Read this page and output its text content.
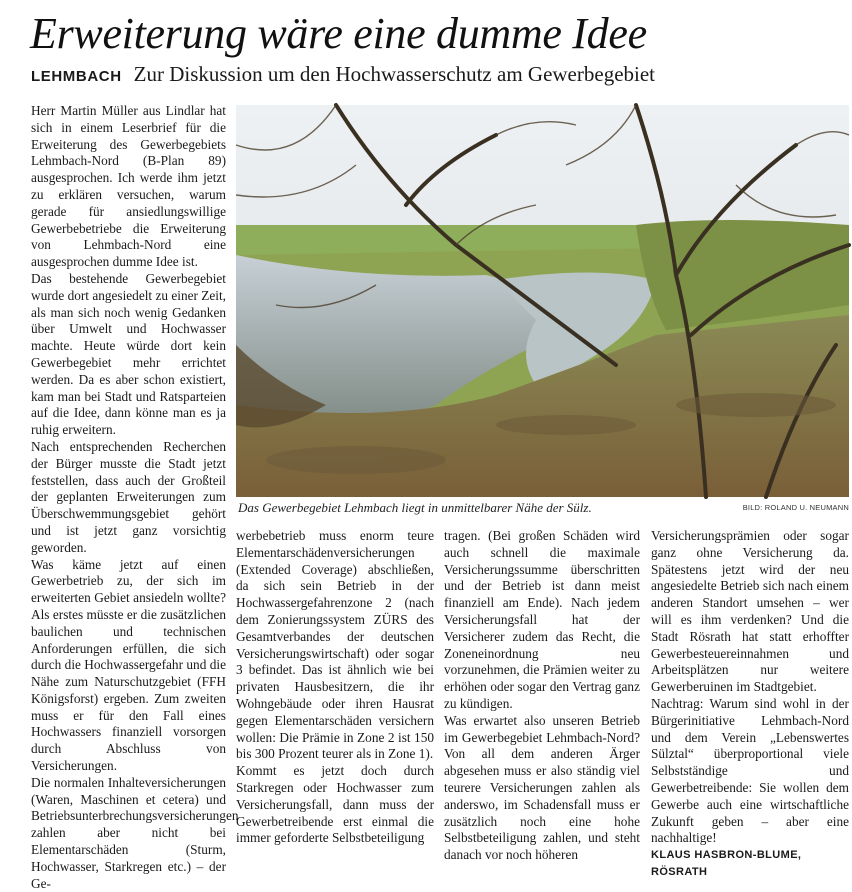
Erweiterung wäre eine dumme Idee
LEHMBACH Zur Diskussion um den Hochwasserschutz am Gewerbegebiet

Herr Martin Müller aus Lindlar hat sich in einem Leserbrief für die Erweiterung des Gewerbegebiets Lehmbach-Nord (B-Plan 89) ausgesprochen. Ich werde ihm jetzt zu erklären versuchen, warum gerade für ansiedlungswillige Gewerbebetriebe die Erweiterung von Lehmbach-Nord eine ausgesprochen dumme Idee ist.

Das bestehende Gewerbegebiet wurde dort angesiedelt zu einer Zeit, als man sich noch wenig Gedanken über Umwelt und Hochwasser machte. Heute würde dort kein Gewerbegebiet mehr errichtet werden. Da es aber schon existiert, kam man bei Stadt und Ratsparteien auf die Idee, dann könne man es ja ruhig erweitern.

Nach entsprechenden Recherchen der Bürger musste die Stadt jetzt feststellen, dass auch der Großteil der geplanten Erweiterungen zum Überschwemmungsgebiet gehört und ist jetzt ganz vorsichtig geworden.

Was käme jetzt auf einen Gewerbetrieb zu, der sich im erweiterten Gebiet ansiedeln wollte? Als erstes müsste er die zusätzlichen baulichen und technischen Anforderungen erfüllen, die sich durch die Hochwassergefahr und die Nähe zum Naturschutzgebiet (FFH Königsforst) ergeben. Zum zweiten muss er für den Fall eines Hochwassers finanziell vorsorgen durch Abschluss von Versicherungen.

Die normalen Inhalteversicherungen (Waren, Maschinen et cetera) und Betriebsunterbrechungsversicherungen zahlen aber nicht bei Elementarschäden (Sturm, Hochwasser, Starkregen etc.) – der Ge-

Das Gewerbegebiet Lehmbach liegt in unmittelbarer Nähe der Sülz.	BILD: ROLAND U. NEUMANN

werbebetrieb muss enorm teure Elementarschädenversicherungen (Extended Coverage) abschließen, da sich sein Betrieb in der Hochwassergefahrenzone 2 (nach dem Zonierungssystem ZÜRS des Gesamtverbandes der deutschen Versicherungswirtschaft) oder sogar 3 befindet. Das ist ähnlich wie bei privaten Hausbesitzern, die ihr Wohngebäude oder ihren Hausrat gegen Elementarschäden versichern wollen: Die Prämie in Zone 2 ist 150 bis 300 Prozent teurer als in Zone 1).

Kommt es jetzt doch durch Starkregen oder Hochwasser zum Versicherungsfall, dann muss der Gewerbetreibende erst einmal die immer geforderte Selbstbeteiligung

tragen. (Bei großen Schäden wird auch schnell die maximale Versicherungssumme überschritten und der Betrieb ist dann meist finanziell am Ende). Nach jedem Versicherungsfall hat der Versicherer zudem das Recht, die Zoneneinordnung neu vorzunehmen, die Prämien weiter zu erhöhen oder sogar den Vertrag ganz zu kündigen.

Was erwartet also unseren Betrieb im Gewerbegebiet Lehmbach-Nord? Von all dem anderen Ärger abgesehen muss er also ständig viel teurere Versicherungen zahlen als anderswo, im Schadensfall muss er zusätzlich noch eine hohe Selbstbeteiligung zahlen, und steht danach vor noch höheren

Versicherungsprämien oder sogar ganz ohne Versicherung da. Spätestens jetzt wird der neu angesiedelte Betrieb sich nach einem anderen Standort umsehen – wer will es ihm verdenken? Und die Stadt Rösrath hat statt erhoffter Gewerbesteuereinnahmen und Arbeitsplätzen nur weitere Gewerberuinen im Stadtgebiet.

Nachtrag: Warum sind wohl in der Bürgerinitiative Lehmbach-Nord und dem Verein „Lebenswertes Sülztal“ überproportional viele Selbstständige und Gewerbetreibende: Sie wollen dem Gewerbe auch eine wirtschaftliche Zukunft geben – aber eine nachhaltige!

KLAUS HASBRON-BLUME,

RÖSRATH
